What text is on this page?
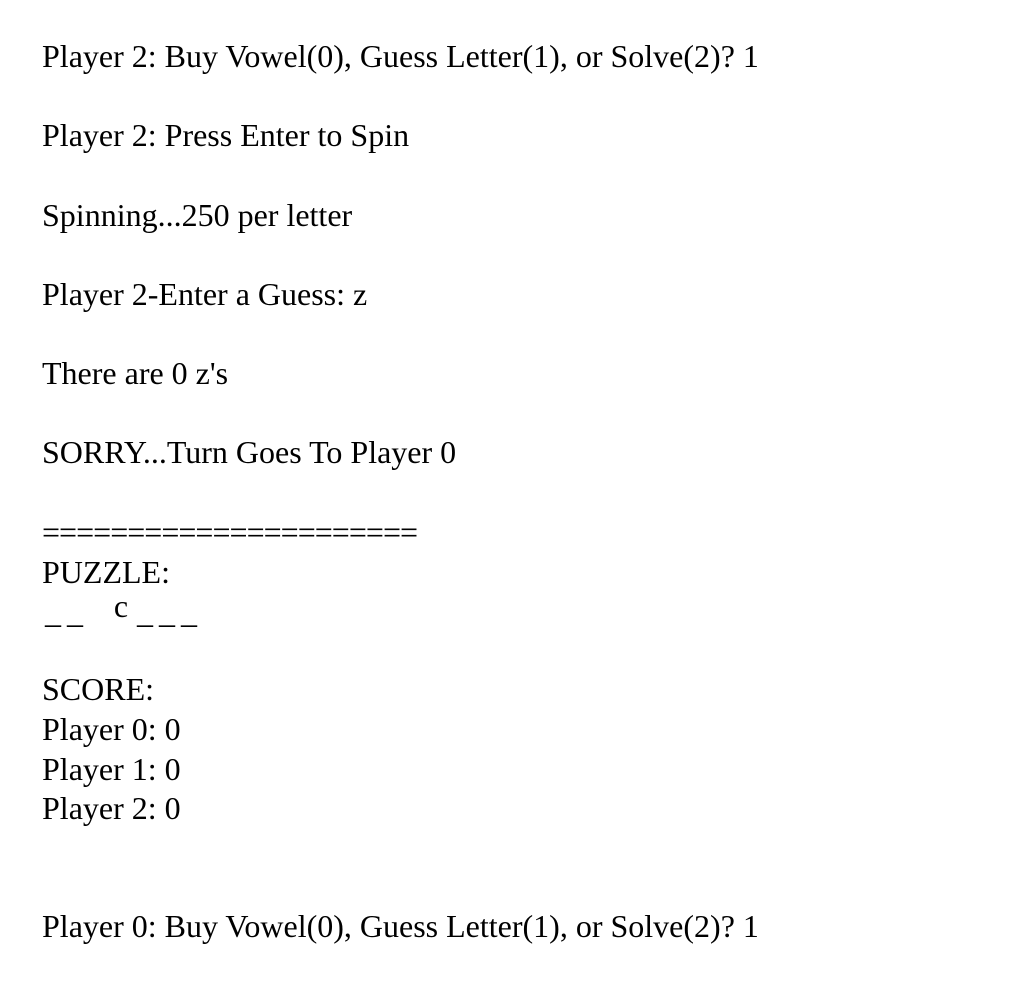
Player 2: Buy Vowel(0), Guess Letter(1), or Solve(2)? 1
Player 2: Press Enter to Spin
Spinning...250 per letter
Player 2-Enter a Guess: z
There are 0 z's
SORRY...Turn Goes To Player 0
======================
PUZZLE:
_ _
c _ _ _
SCORE:
Player 0: 0
Player 1: 0
Player 2: 0
Player 0: Buy Vowel(0), Guess Letter(1), or Solve(2)? 1
